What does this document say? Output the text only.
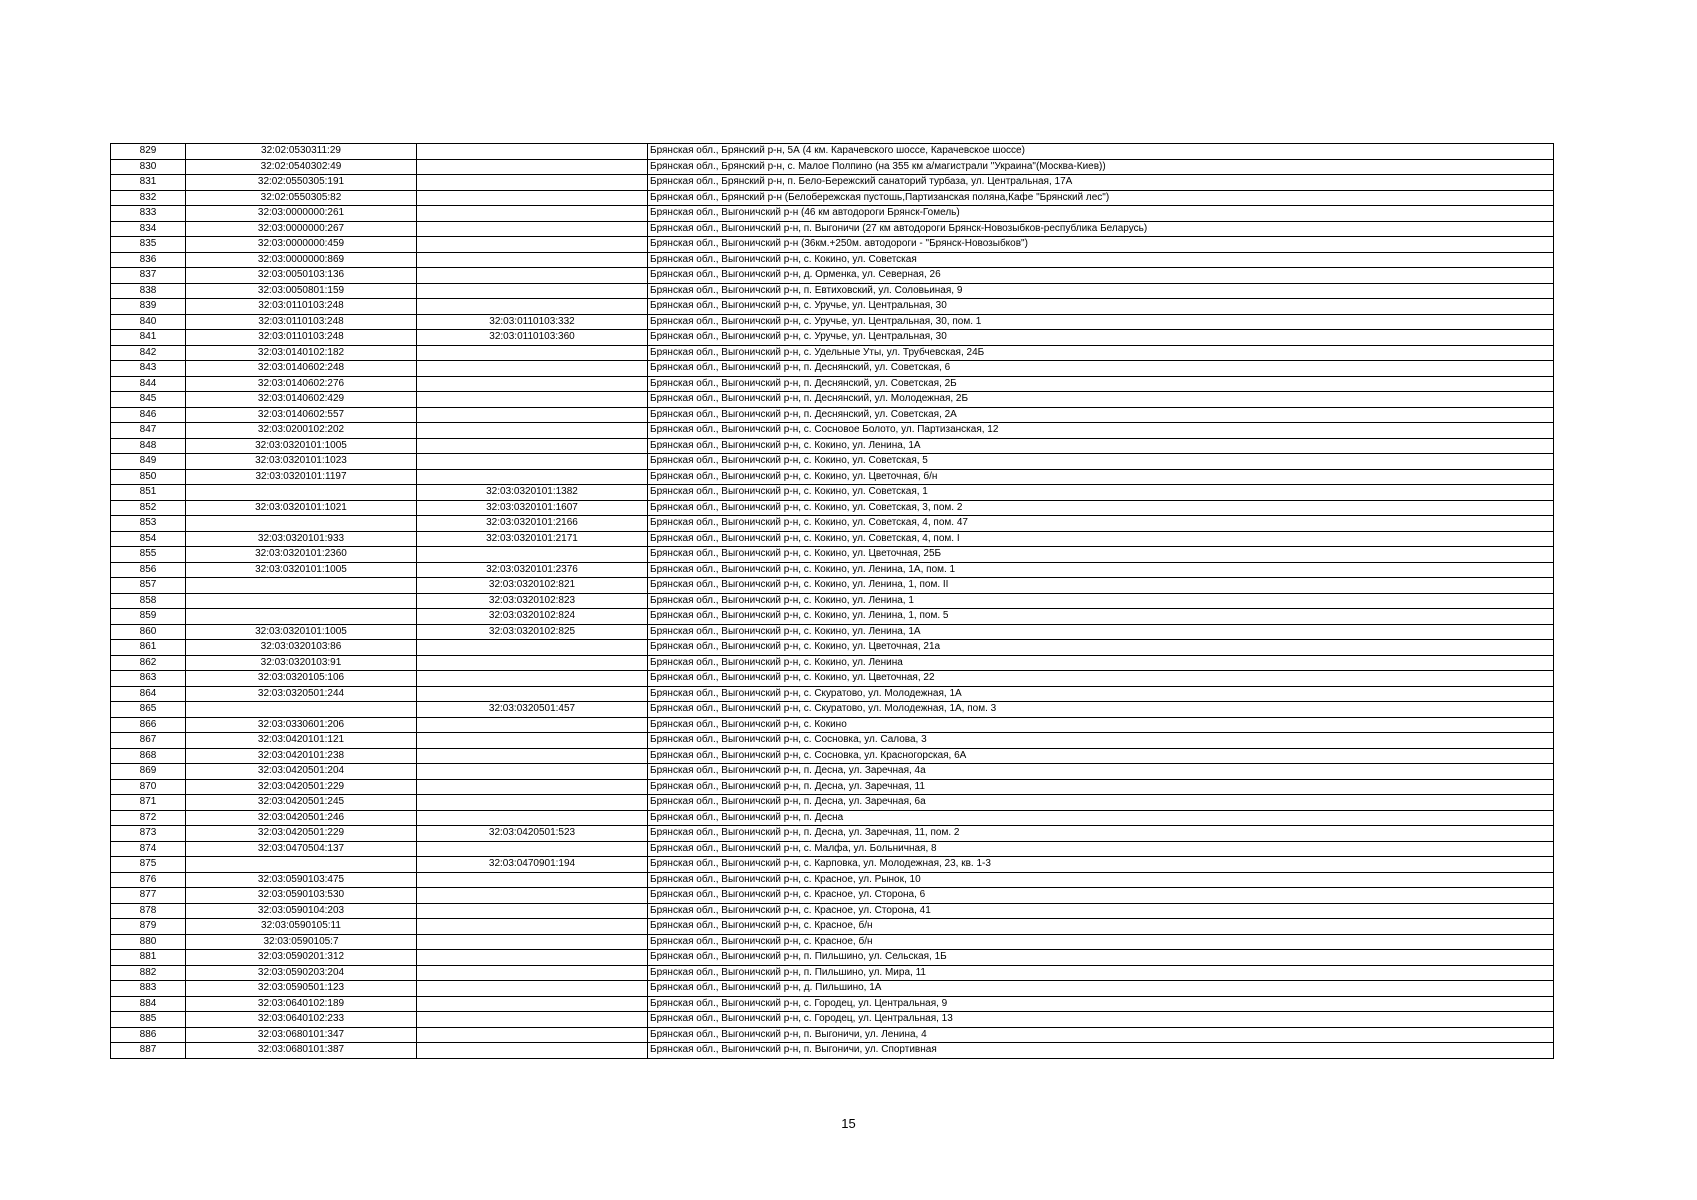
829	32:02:0530311:29		Брянская обл., Брянский р-н, 5А (4 км. Карачевского шоссе, Карачевское шоссе)
830	32:02:0540302:49		Брянская обл., Брянский р-н, с. Малое Полпино (на 355 км а/магистрали "Украина"(Москва-Киев))
831	32:02:0550305:191		Брянская обл., Брянский р-н, п. Бело-Бережский санаторий турбаза, ул. Центральная, 17А
832	32:02:0550305:82		Брянская обл., Брянский р-н (Белобережская пустошь,Партизанская поляна,Кафе "Брянский лес")
833	32:03:0000000:261		Брянская обл., Выгоничский р-н (46 км автодороги Брянск-Гомель)
834	32:03:0000000:267		Брянская обл., Выгоничский р-н, п. Выгоничи (27 км автодороги Брянск-Новозыбков-республика Беларусь)
835	32:03:0000000:459		Брянская обл., Выгоничский р-н (36км.+250м. автодороги - "Брянск-Новозыбков")
836	32:03:0000000:869		Брянская обл., Выгоничский р-н, с. Кокино, ул. Советская
837	32:03:0050103:136		Брянская обл., Выгоничский р-н, д. Орменка, ул. Северная, 26
838	32:03:0050801:159		Брянская обл., Выгоничский р-н, п. Евтиховский, ул. Соловьиная, 9
839	32:03:0110103:248		Брянская обл., Выгоничский р-н, с. Уручье, ул. Центральная, 30
840	32:03:0110103:248	32:03:0110103:332	Брянская обл., Выгоничский р-н, с. Уручье, ул. Центральная, 30, пом. 1
841	32:03:0110103:248	32:03:0110103:360	Брянская обл., Выгоничский р-н, с. Уручье, ул. Центральная, 30
842	32:03:0140102:182		Брянская обл., Выгоничский р-н, с. Удельные Уты, ул. Трубчевская, 24Б
843	32:03:0140602:248		Брянская обл., Выгоничский р-н, п. Деснянский, ул. Советская, 6
844	32:03:0140602:276		Брянская обл., Выгоничский р-н, п. Деснянский, ул. Советская, 2Б
845	32:03:0140602:429		Брянская обл., Выгоничский р-н, п. Деснянский, ул. Молодежная, 2Б
846	32:03:0140602:557		Брянская обл., Выгоничский р-н, п. Деснянский, ул. Советская, 2А
847	32:03:0200102:202		Брянская обл., Выгоничский р-н, с. Сосновое Болото, ул. Партизанская, 12
848	32:03:0320101:1005		Брянская обл., Выгоничский р-н, с. Кокино, ул. Ленина, 1А
849	32:03:0320101:1023		Брянская обл., Выгоничский р-н, с. Кокино, ул. Советская, 5
850	32:03:0320101:1197		Брянская обл., Выгоничский р-н, с. Кокино, ул. Цветочная, б/н
851		32:03:0320101:1382	Брянская обл., Выгоничский р-н, с. Кокино, ул. Советская, 1
852	32:03:0320101:1021	32:03:0320101:1607	Брянская обл., Выгоничский р-н, с. Кокино, ул. Советская, 3, пом. 2
853		32:03:0320101:2166	Брянская обл., Выгоничский р-н, с. Кокино, ул. Советская, 4, пом. 47
854	32:03:0320101:933	32:03:0320101:2171	Брянская обл., Выгоничский р-н, с. Кокино, ул. Советская, 4, пом. I
855	32:03:0320101:2360		Брянская обл., Выгоничский р-н, с. Кокино, ул. Цветочная, 25Б
856	32:03:0320101:1005	32:03:0320101:2376	Брянская обл., Выгоничский р-н, с. Кокино, ул. Ленина, 1А, пом. 1
857		32:03:0320102:821	Брянская обл., Выгоничский р-н, с. Кокино, ул. Ленина, 1, пом. II
858		32:03:0320102:823	Брянская обл., Выгоничский р-н, с. Кокино, ул. Ленина, 1
859		32:03:0320102:824	Брянская обл., Выгоничский р-н, с. Кокино, ул. Ленина, 1, пом. 5
860	32:03:0320101:1005	32:03:0320102:825	Брянская обл., Выгоничский р-н, с. Кокино, ул. Ленина, 1А
861	32:03:0320103:86		Брянская обл., Выгоничский р-н, с. Кокино, ул. Цветочная, 21а
862	32:03:0320103:91		Брянская обл., Выгоничский р-н, с. Кокино, ул. Ленина
863	32:03:0320105:106		Брянская обл., Выгоничский р-н, с. Кокино, ул. Цветочная, 22
864	32:03:0320501:244		Брянская обл., Выгоничский р-н, с. Скуратово, ул. Молодежная, 1А
865		32:03:0320501:457	Брянская обл., Выгоничский р-н, с. Скуратово, ул. Молодежная, 1А, пом. 3
866	32:03:0330601:206		Брянская обл., Выгоничский р-н, с. Кокино
867	32:03:0420101:121		Брянская обл., Выгоничский р-н, с. Сосновка, ул. Салова, 3
868	32:03:0420101:238		Брянская обл., Выгоничский р-н, с. Сосновка, ул. Красногорская, 6А
869	32:03:0420501:204		Брянская обл., Выгоничский р-н, п. Десна, ул. Заречная, 4а
870	32:03:0420501:229		Брянская обл., Выгоничский р-н, п. Десна, ул. Заречная, 11
871	32:03:0420501:245		Брянская обл., Выгоничский р-н, п. Десна, ул. Заречная, 6а
872	32:03:0420501:246		Брянская обл., Выгоничский р-н, п. Десна
873	32:03:0420501:229	32:03:0420501:523	Брянская обл., Выгоничский р-н, п. Десна, ул. Заречная, 11, пом. 2
874	32:03:0470504:137		Брянская обл., Выгоничский р-н, с. Малфа, ул. Больничная, 8
875		32:03:0470901:194	Брянская обл., Выгоничский р-н, с. Карповка, ул. Молодежная, 23, кв. 1-3
876	32:03:0590103:475		Брянская обл., Выгоничский р-н, с. Красное, ул. Рынок, 10
877	32:03:0590103:530		Брянская обл., Выгоничский р-н, с. Красное, ул. Сторона, 6
878	32:03:0590104:203		Брянская обл., Выгоничский р-н, с. Красное, ул. Сторона, 41
879	32:03:0590105:11		Брянская обл., Выгоничский р-н, с. Красное, б/н
880	32:03:0590105:7		Брянская обл., Выгоничский р-н, с. Красное, б/н
881	32:03:0590201:312		Брянская обл., Выгоничский р-н, п. Пильшино, ул. Сельская, 1Б
882	32:03:0590203:204		Брянская обл., Выгоничский р-н, п. Пильшино, ул. Мира, 11
883	32:03:0590501:123		Брянская обл., Выгоничский р-н, д. Пильшино, 1А
884	32:03:0640102:189		Брянская обл., Выгоничский р-н, с. Городец, ул. Центральная, 9
885	32:03:0640102:233		Брянская обл., Выгоничский р-н, с. Городец, ул. Центральная, 13
886	32:03:0680101:347		Брянская обл., Выгоничский р-н, п. Выгоничи, ул. Ленина, 4
887	32:03:0680101:387		Брянская обл., Выгоничский р-н, п. Выгоничи, ул. Спортивная
15
